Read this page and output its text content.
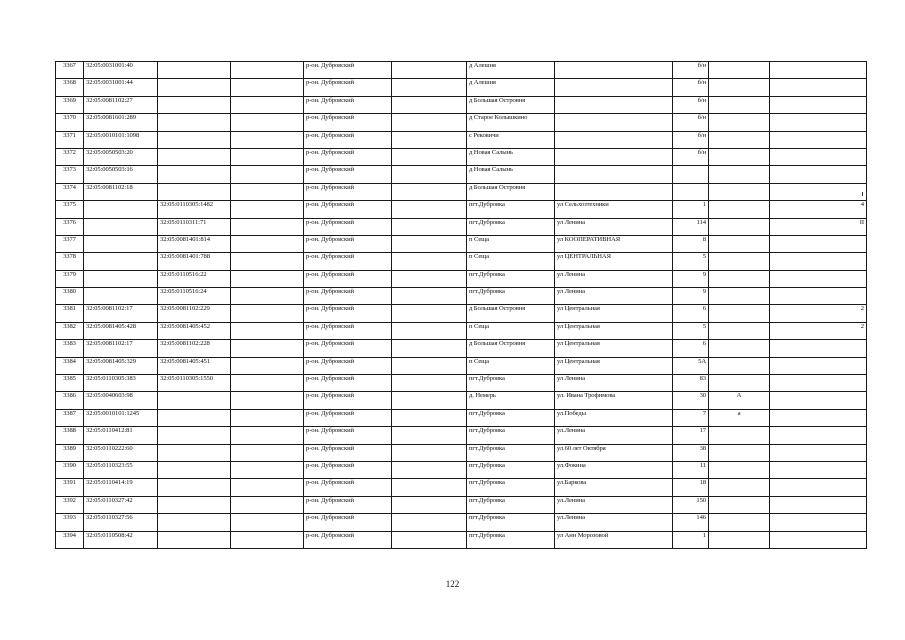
3367	32:05:0031001:40			р-он. Дубровский		д Алешня		б/н		
3368	32:05:0031001:44			р-он. Дубровский		д Алешня		б/н		
3369	32:05:0081102:27			р-он. Дубровский		д Большая Островня		б/н		
3370	32:05:0081601:289			р-он. Дубровский		д Старое Колышкино		б/н		
3371	32:05:0010101:1098			р-он. Дубровский		с Рековичи		б/н		
3372	32:05:0050503:20			р-он. Дубровский		д Новая Салынь		б/н		
3373	32:05:0050503:16			р-он. Дубровский		д Новая Салынь				
3374	32:05:0081102:18			р-он. Дубровский		д Большая Островня				
3375		32:05:0110305:1482		р-он. Дубровский		пгт.Дубровка	ул Сельхозтехники	1		4
3376		32:05:0110311:71		р-он. Дубровский		пгт.Дубровка	ул Ленина	114		II
3377		32:05:0081401:814		р-он. Дубровский		п Сеща	ул КООПЕРАТИВНАЯ	8		
3378		32:05:0081401:788		р-он. Дубровский		п Сеща	ул ЦЕНТРАЛЬНАЯ	5		
3379		32:05:0110516:22		р-он. Дубровский		пгт.Дубровка	ул Ленина	9		
3380		32:05:0110516:24		р-он. Дубровский		пгт.Дубровка	ул Ленина	9		
3381	32:05:0081102:17	32:05:0081102:229		р-он. Дубровский		д Большая Островня	ул Центральная	6		2
3382	32:05:0081405:428	32:05:0081405:452		р-он. Дубровский		п Сеща	ул Центральная	5		2
3383	32:05:0081102:17	32:05:0081102:228		р-он. Дубровский		д Большая Островня	ул Центральная	6		
3384	32:05:0081405:329	32:05:0081405:451		р-он. Дубровский		п Сеща	ул Центральная	5А		
3385	32:05:0110305:383	32:05:0110305:1550		р-он. Дубровский		пгт.Дубровка	ул Ленина	83		
3386	32:05:0040603:98			р-он. Дубровский		д. Немерь	ул. Ивана Трофимова	30	А	
3387	32:05:0010101:1245			р-он. Дубровский		пгт.Дубровка	ул.Победы	7	а	
3388	32:05:0110412:81			р-он. Дубровский		пгт.Дубровка	ул.Ленина	17		
3389	32:05:0110222:60			р-он. Дубровский		пгт.Дубровка	ул.60 лет Октября	38		
3390	32:05:0110323:55			р-он. Дубровский		пгт.Дубровка	ул.Фокина	11		
3391	32:05:0110414:19			р-он. Дубровский		пгт.Дубровка	ул.Баркова	18		
3392	32:05:0110327:42			р-он. Дубровский		пгт.Дубровка	ул.Ленина	150		
3393	32:05:0110327:56			р-он. Дубровский		пгт.Дубровка	ул.Ленина	146		
3394	32:05:0110508:42			р-он. Дубровский		пгт.Дубровка	ул Анн Морозовой	1		
122
